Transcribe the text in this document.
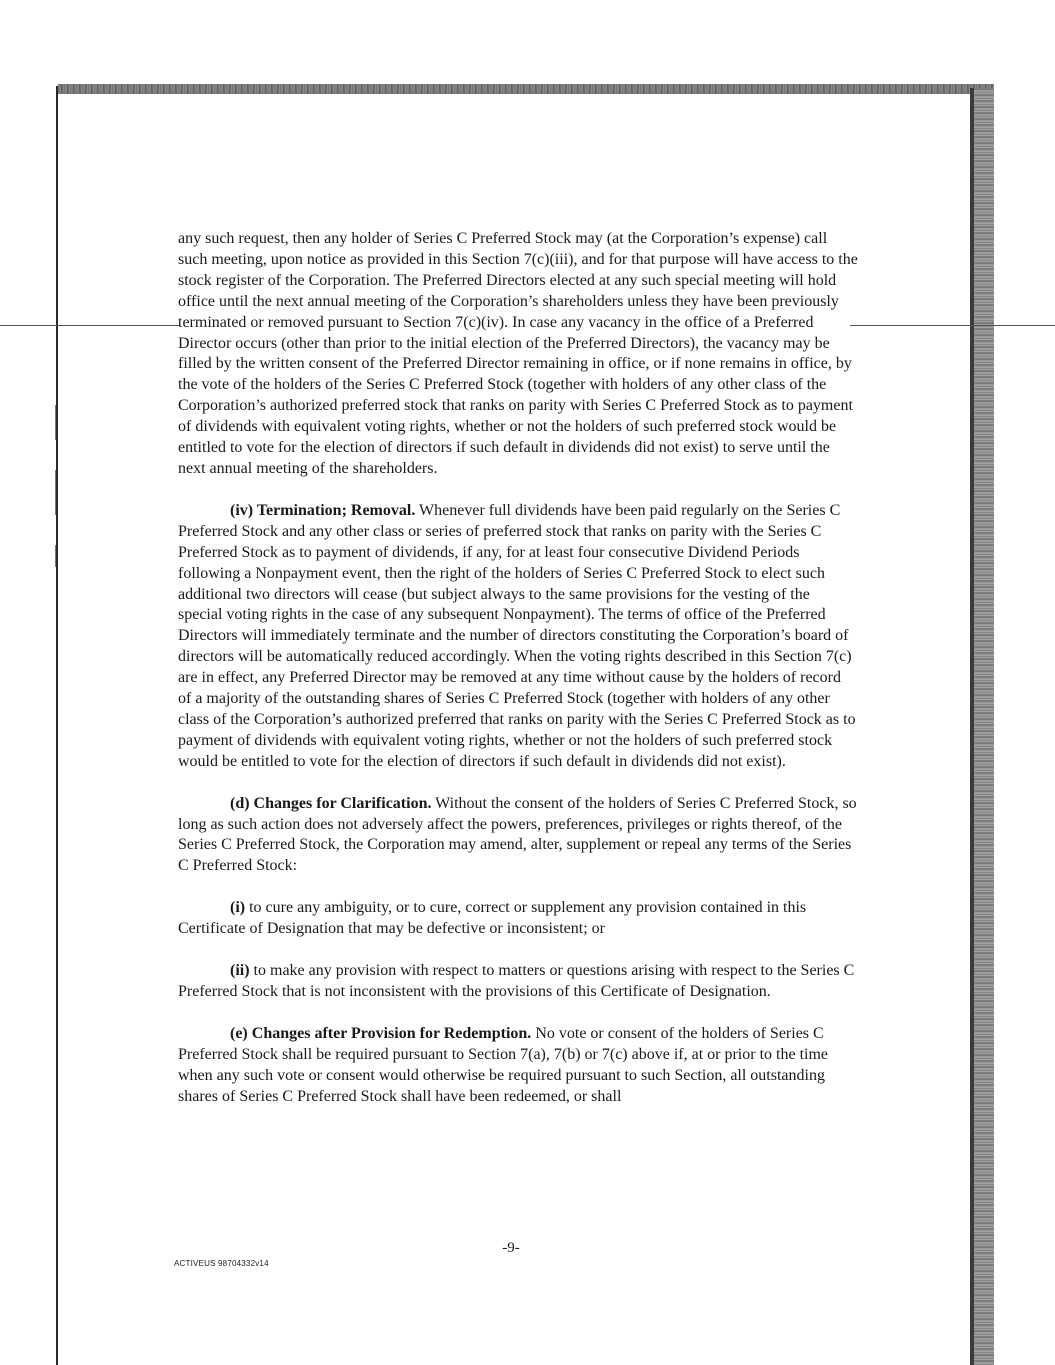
any such request, then any holder of Series C Preferred Stock may (at the Corporation’s expense) call such meeting, upon notice as provided in this Section 7(c)(iii), and for that purpose will have access to the stock register of the Corporation. The Preferred Directors elected at any such special meeting will hold office until the next annual meeting of the Corporation’s shareholders unless they have been previously terminated or removed pursuant to Section 7(c)(iv). In case any vacancy in the office of a Preferred Director occurs (other than prior to the initial election of the Preferred Directors), the vacancy may be filled by the written consent of the Preferred Director remaining in office, or if none remains in office, by the vote of the holders of the Series C Preferred Stock (together with holders of any other class of the Corporation’s authorized preferred stock that ranks on parity with Series C Preferred Stock as to payment of dividends with equivalent voting rights, whether or not the holders of such preferred stock would be entitled to vote for the election of directors if such default in dividends did not exist) to serve until the next annual meeting of the shareholders.

(iv) Termination; Removal. Whenever full dividends have been paid regularly on the Series C Preferred Stock and any other class or series of preferred stock that ranks on parity with the Series C Preferred Stock as to payment of dividends, if any, for at least four consecutive Dividend Periods following a Nonpayment event, then the right of the holders of Series C Preferred Stock to elect such additional two directors will cease (but subject always to the same provisions for the vesting of the special voting rights in the case of any subsequent Nonpayment). The terms of office of the Preferred Directors will immediately terminate and the number of directors constituting the Corporation’s board of directors will be automatically reduced accordingly. When the voting rights described in this Section 7(c) are in effect, any Preferred Director may be removed at any time without cause by the holders of record of a majority of the outstanding shares of Series C Preferred Stock (together with holders of any other class of the Corporation’s authorized preferred that ranks on parity with the Series C Preferred Stock as to payment of dividends with equivalent voting rights, whether or not the holders of such preferred stock would be entitled to vote for the election of directors if such default in dividends did not exist).

(d) Changes for Clarification. Without the consent of the holders of Series C Preferred Stock, so long as such action does not adversely affect the powers, preferences, privileges or rights thereof, of the Series C Preferred Stock, the Corporation may amend, alter, supplement or repeal any terms of the Series C Preferred Stock:

(i) to cure any ambiguity, or to cure, correct or supplement any provision contained in this Certificate of Designation that may be defective or inconsistent; or

(ii) to make any provision with respect to matters or questions arising with respect to the Series C Preferred Stock that is not inconsistent with the provisions of this Certificate of Designation.

(e) Changes after Provision for Redemption. No vote or consent of the holders of Series C Preferred Stock shall be required pursuant to Section 7(a), 7(b) or 7(c) above if, at or prior to the time when any such vote or consent would otherwise be required pursuant to such Section, all outstanding shares of Series C Preferred Stock shall have been redeemed, or shall

-9-
ACTIVEUS 98704332v14
